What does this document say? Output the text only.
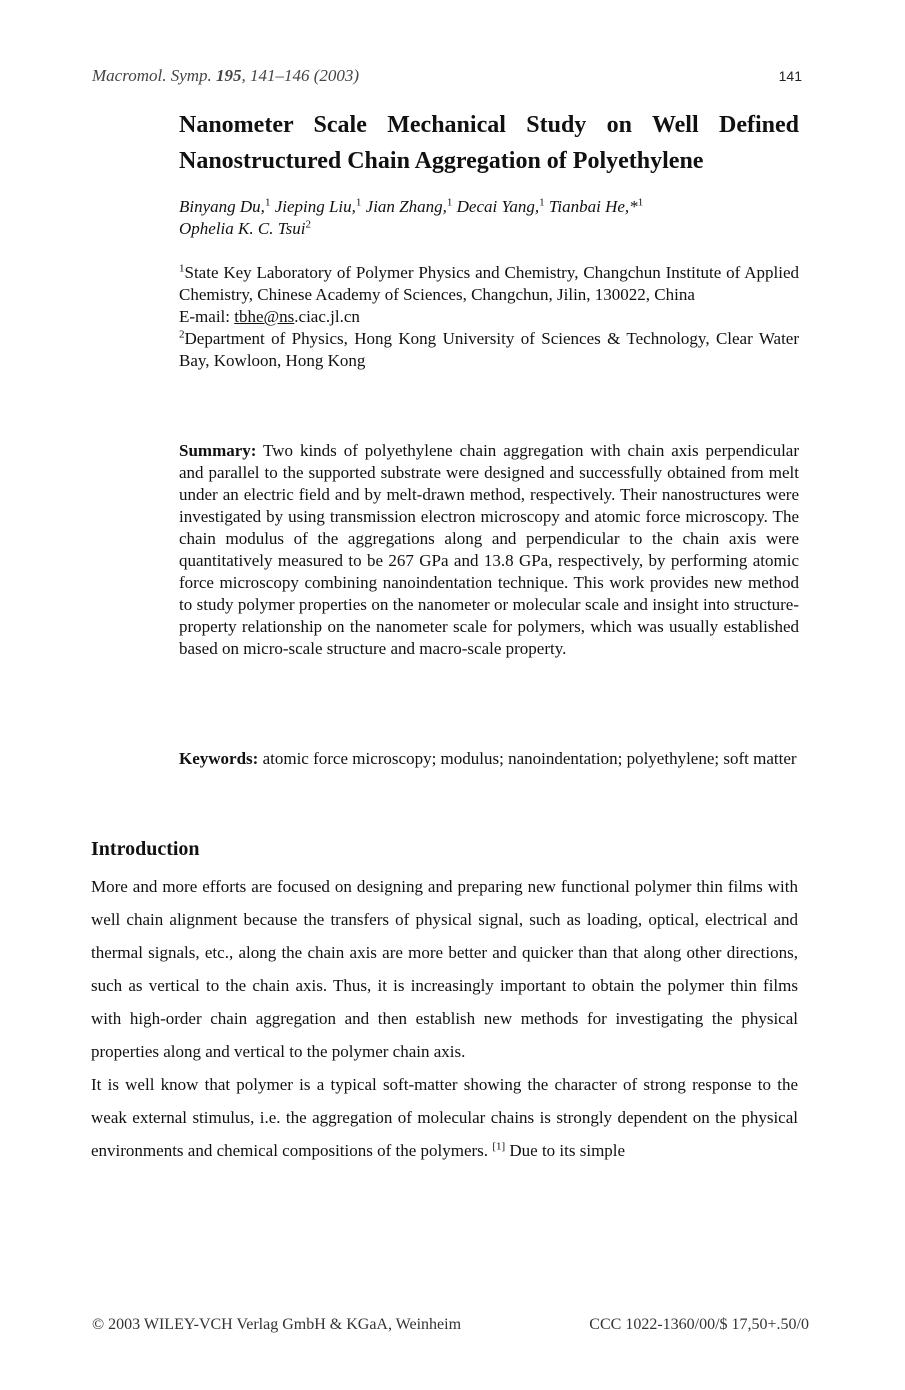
Macromol. Symp. 195, 141–146 (2003)	141
Nanometer Scale Mechanical Study on Well Defined
Nanostructured Chain Aggregation of Polyethylene
Binyang Du,$^1$ Jieping Liu,$^1$ Jian Zhang,$^1$ Decai Yang,$^1$ Tianbai He,*$^1$
Ophelia K. C. Tsui$^2$
$^1$State Key Laboratory of Polymer Physics and Chemistry, Changchun Institute of Applied Chemistry, Chinese Academy of Sciences, Changchun, Jilin, 130022, China
E-mail: tbhe@ns.ciac.jl.cn
$^2$Department of Physics, Hong Kong University of Sciences & Technology, Clear Water Bay, Kowloon, Hong Kong
Summary: Two kinds of polyethylene chain aggregation with chain axis perpendicular and parallel to the supported substrate were designed and successfully obtained from melt under an electric field and by melt-drawn method, respectively. Their nanostructures were investigated by using transmission electron microscopy and atomic force microscopy. The chain modulus of the aggregations along and perpendicular to the chain axis were quantitatively measured to be 267 GPa and 13.8 GPa, respectively, by performing atomic force microscopy combining nanoindentation technique. This work provides new method to study polymer properties on the nanometer or molecular scale and insight into structure-property relationship on the nanometer scale for polymers, which was usually established based on micro-scale structure and macro-scale property.
Keywords: atomic force microscopy; modulus; nanoindentation; polyethylene; soft matter
Introduction

More and more efforts are focused on designing and preparing new functional polymer thin films with well chain alignment because the transfers of physical signal, such as loading, optical, electrical and thermal signals, etc., along the chain axis are more better and quicker than that along other directions, such as vertical to the chain axis. Thus, it is increasingly important to obtain the polymer thin films with high-order chain aggregation and then establish new methods for investigating the physical properties along and vertical to the polymer chain axis.

It is well know that polymer is a typical soft-matter showing the character of strong response to the weak external stimulus, i.e. the aggregation of molecular chains is strongly dependent on the physical environments and chemical compositions of the polymers. [1] Due to its simple

© 2003 WILEY-VCH Verlag GmbH & KGaA, Weinheim	CCC 1022-1360/00/$ 17,50+.50/0
